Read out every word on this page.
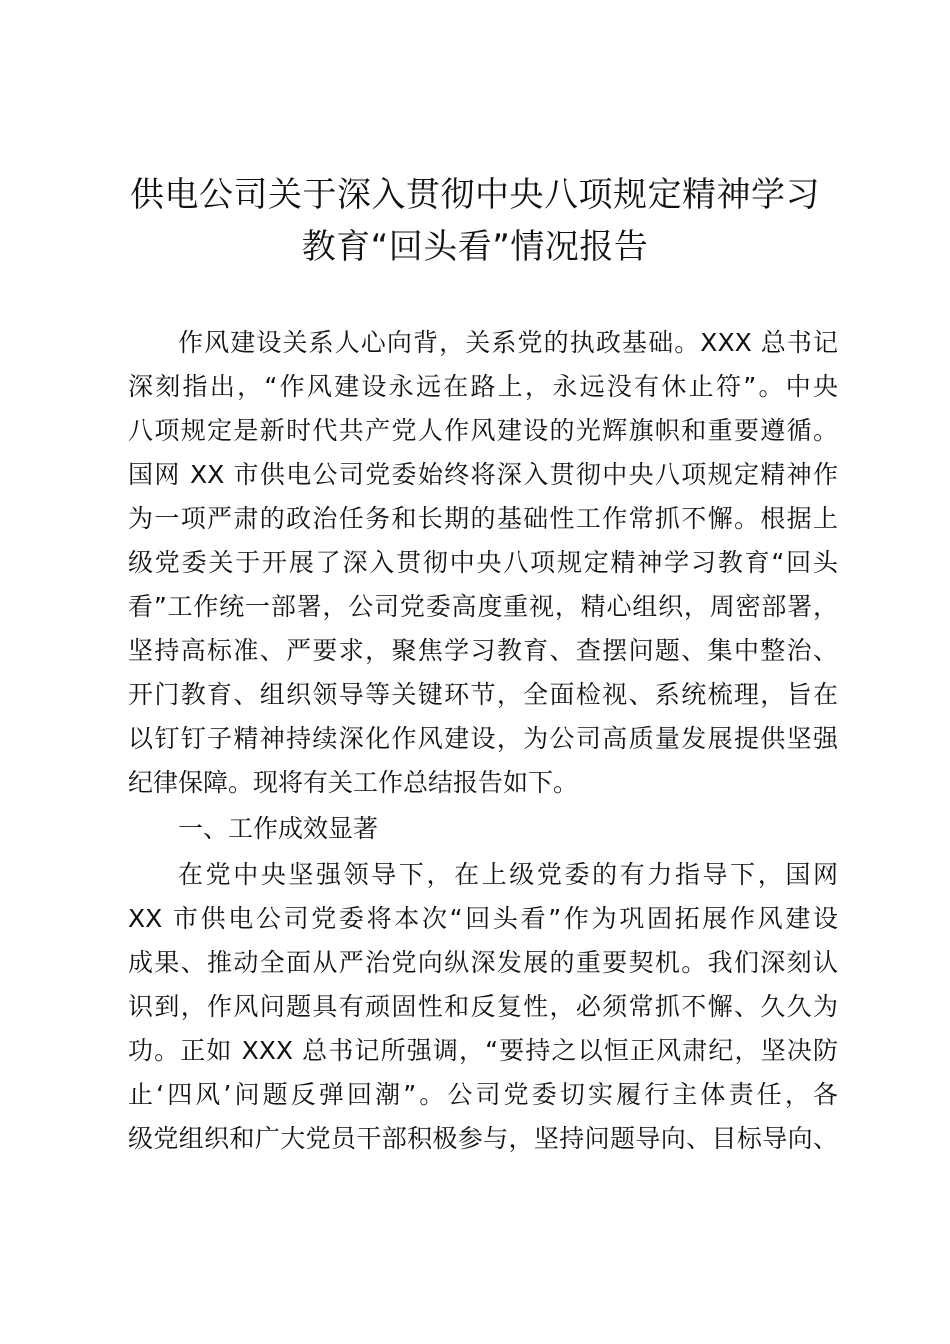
供电公司关于深入贯彻中央八项规定精神学习
教育“回头看”情况报告
作风建设关系人心向背，关系党的执政基础。XXX 总书记
深刻指出，“作风建设永远在路上，永远没有休止符”。中央
八项规定是新时代共产党人作风建设的光辉旗帜和重要遵循。
国网 XX 市供电公司党委始终将深入贯彻中央八项规定精神作
为一项严肃的政治任务和长期的基础性工作常抓不懈。根据上
级党委关于开展了深入贯彻中央八项规定精神学习教育“回头
看”工作统一部署，公司党委高度重视，精心组织，周密部署，
坚持高标准、严要求，聚焦学习教育、查摆问题、集中整治、
开门教育、组织领导等关键环节，全面检视、系统梳理，旨在
以钉钉子精神持续深化作风建设，为公司高质量发展提供坚强
纪律保障。现将有关工作总结报告如下。
一、工作成效显著
在党中央坚强领导下，在上级党委的有力指导下，国网
XX 市供电公司党委将本次“回头看”作为巩固拓展作风建设
成果、推动全面从严治党向纵深发展的重要契机。我们深刻认
识到，作风问题具有顽固性和反复性，必须常抓不懈、久久为
功。正如 XXX 总书记所强调，“要持之以恒正风肃纪，坚决防
止‘四风’问题反弹回潮”。公司党委切实履行主体责任，各
级党组织和广大党员干部积极参与，坚持问题导向、目标导向、
